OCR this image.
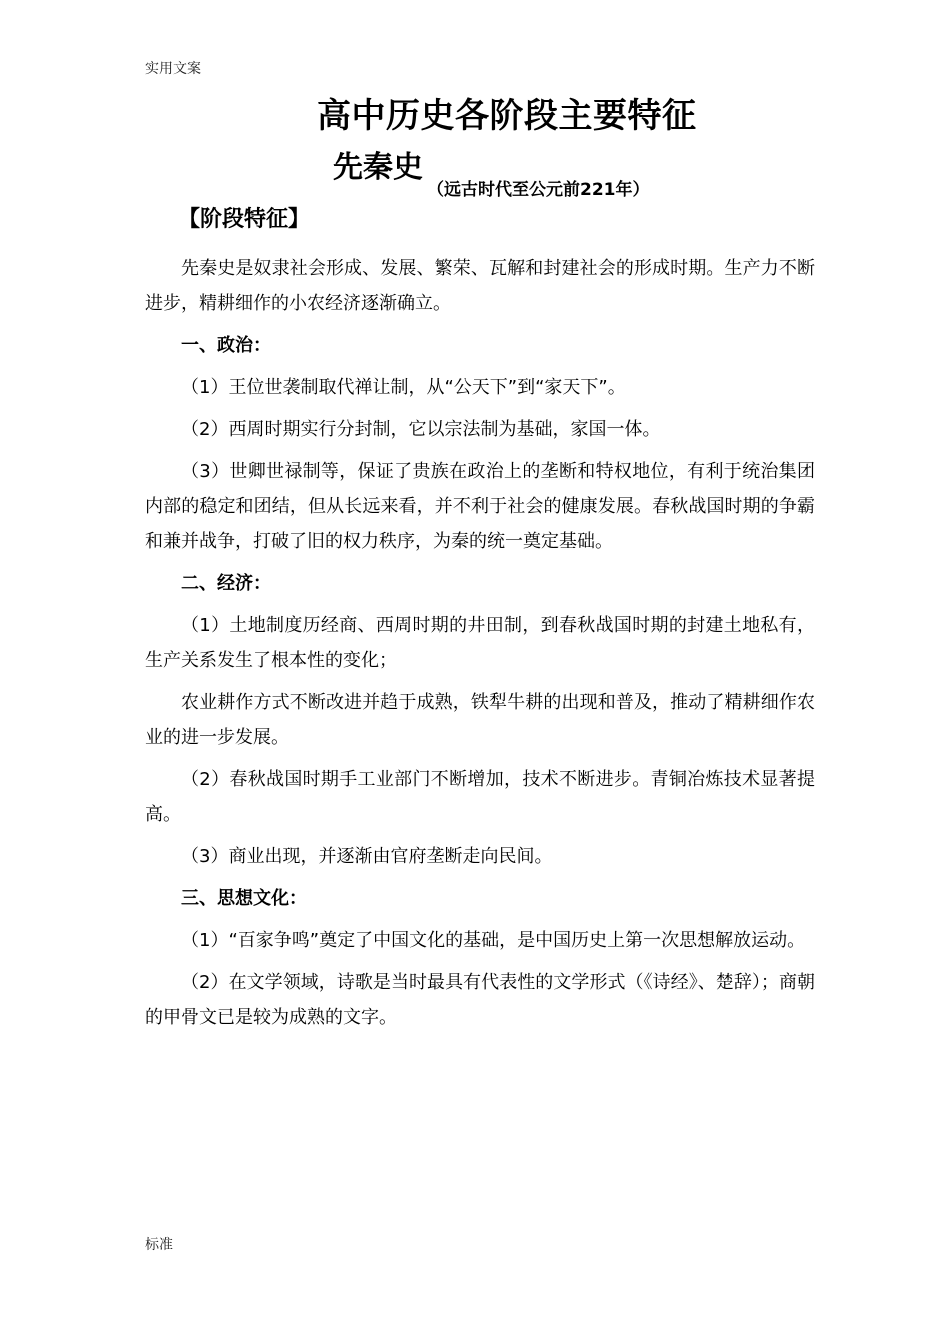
实用文案
高中历史各阶段主要特征
先秦史（远古时代至公元前221年）
【阶段特征】

先秦史是奴隶社会形成、发展、繁荣、瓦解和封建社会的形成时期。生产力不断进步，精耕细作的小农经济逐渐确立。

一、政治：

（1）王位世袭制取代禅让制，从“公天下”到“家天下”。

（2）西周时期实行分封制，它以宗法制为基础，家国一体。

（3）世卿世禄制等，保证了贵族在政治上的垄断和特权地位，有利于统治集团内部的稳定和团结，但从长远来看，并不利于社会的健康发展。春秋战国时期的争霸和兼并战争，打破了旧的权力秩序，为秦的统一奠定基础。

二、经济：

（1）土地制度历经商、西周时期的井田制，到春秋战国时期的封建土地私有，生产关系发生了根本性的变化；

农业耕作方式不断改进并趋于成熟，铁犁牛耕的出现和普及，推动了精耕细作农业的进一步发展。

（2）春秋战国时期手工业部门不断增加，技术不断进步。青铜冶炼技术显著提高。

（3）商业出现，并逐渐由官府垄断走向民间。

三、思想文化：

（1）“百家争鸣”奠定了中国文化的基础，是中国历史上第一次思想解放运动。

（2）在文学领域，诗歌是当时最具有代表性的文学形式（《诗经》、楚辞）；商朝的甲骨文已是较为成熟的文字。

标准
